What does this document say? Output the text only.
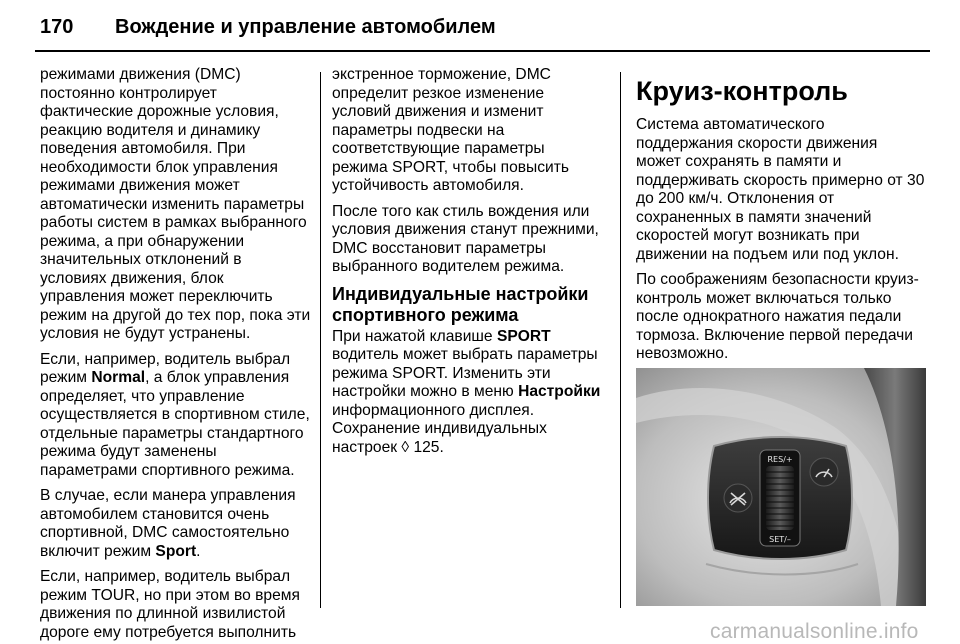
170 Вождение и управление автомобилем

режимами движения (DMC) постоянно контролирует фактические дорожные условия, реакцию водителя и динамику поведения автомобиля. При необходимости блок управления режимами движения может автоматически изменить параметры работы систем в рамках выбранного режима, а при обнаружении значительных отклонений в условиях движения, блок управления может переключить режим на другой до тех пор, пока эти условия не будут устранены.

Если, например, водитель выбрал режим Normal, а блок управления определяет, что управление осуществляется в спортивном стиле, отдельные параметры стандартного режима будут заменены параметрами спортивного режима.

В случае, если манера управления автомобилем становится очень спортивной, DMC самостоятельно включит режим Sport.

Если, например, водитель выбрал режим TOUR, но при этом во время движения по длинной извилистой дороге ему потребуется выполнить

экстренное торможение, DMC определит резкое изменение условий движения и изменит параметры подвески на соответствующие параметры режима SPORT, чтобы повысить устойчивость автомобиля.

После того как стиль вождения или условия движения станут прежними, DMC восстановит параметры выбранного водителем режима.

Индивидуальные настройки спортивного режима

При нажатой клавише SPORT водитель может выбрать параметры режима SPORT. Изменить эти настройки можно в меню Настройки информационного дисплея. Сохранение индивидуальных настроек ◊ 125.

Круиз-контроль

Система автоматического поддержания скорости движения может сохранять в памяти и поддерживать скорость примерно от 30 до 200 км/ч. Отклонения от сохраненных в памяти значений скоростей могут возникать при движении на подъем или под уклон.

По соображениям безопасности круиз-контроль может включаться только после однократного нажатия педали тормоза. Включение первой передачи невозможно.

RES/+
SET/–
carmanualsonline.info
